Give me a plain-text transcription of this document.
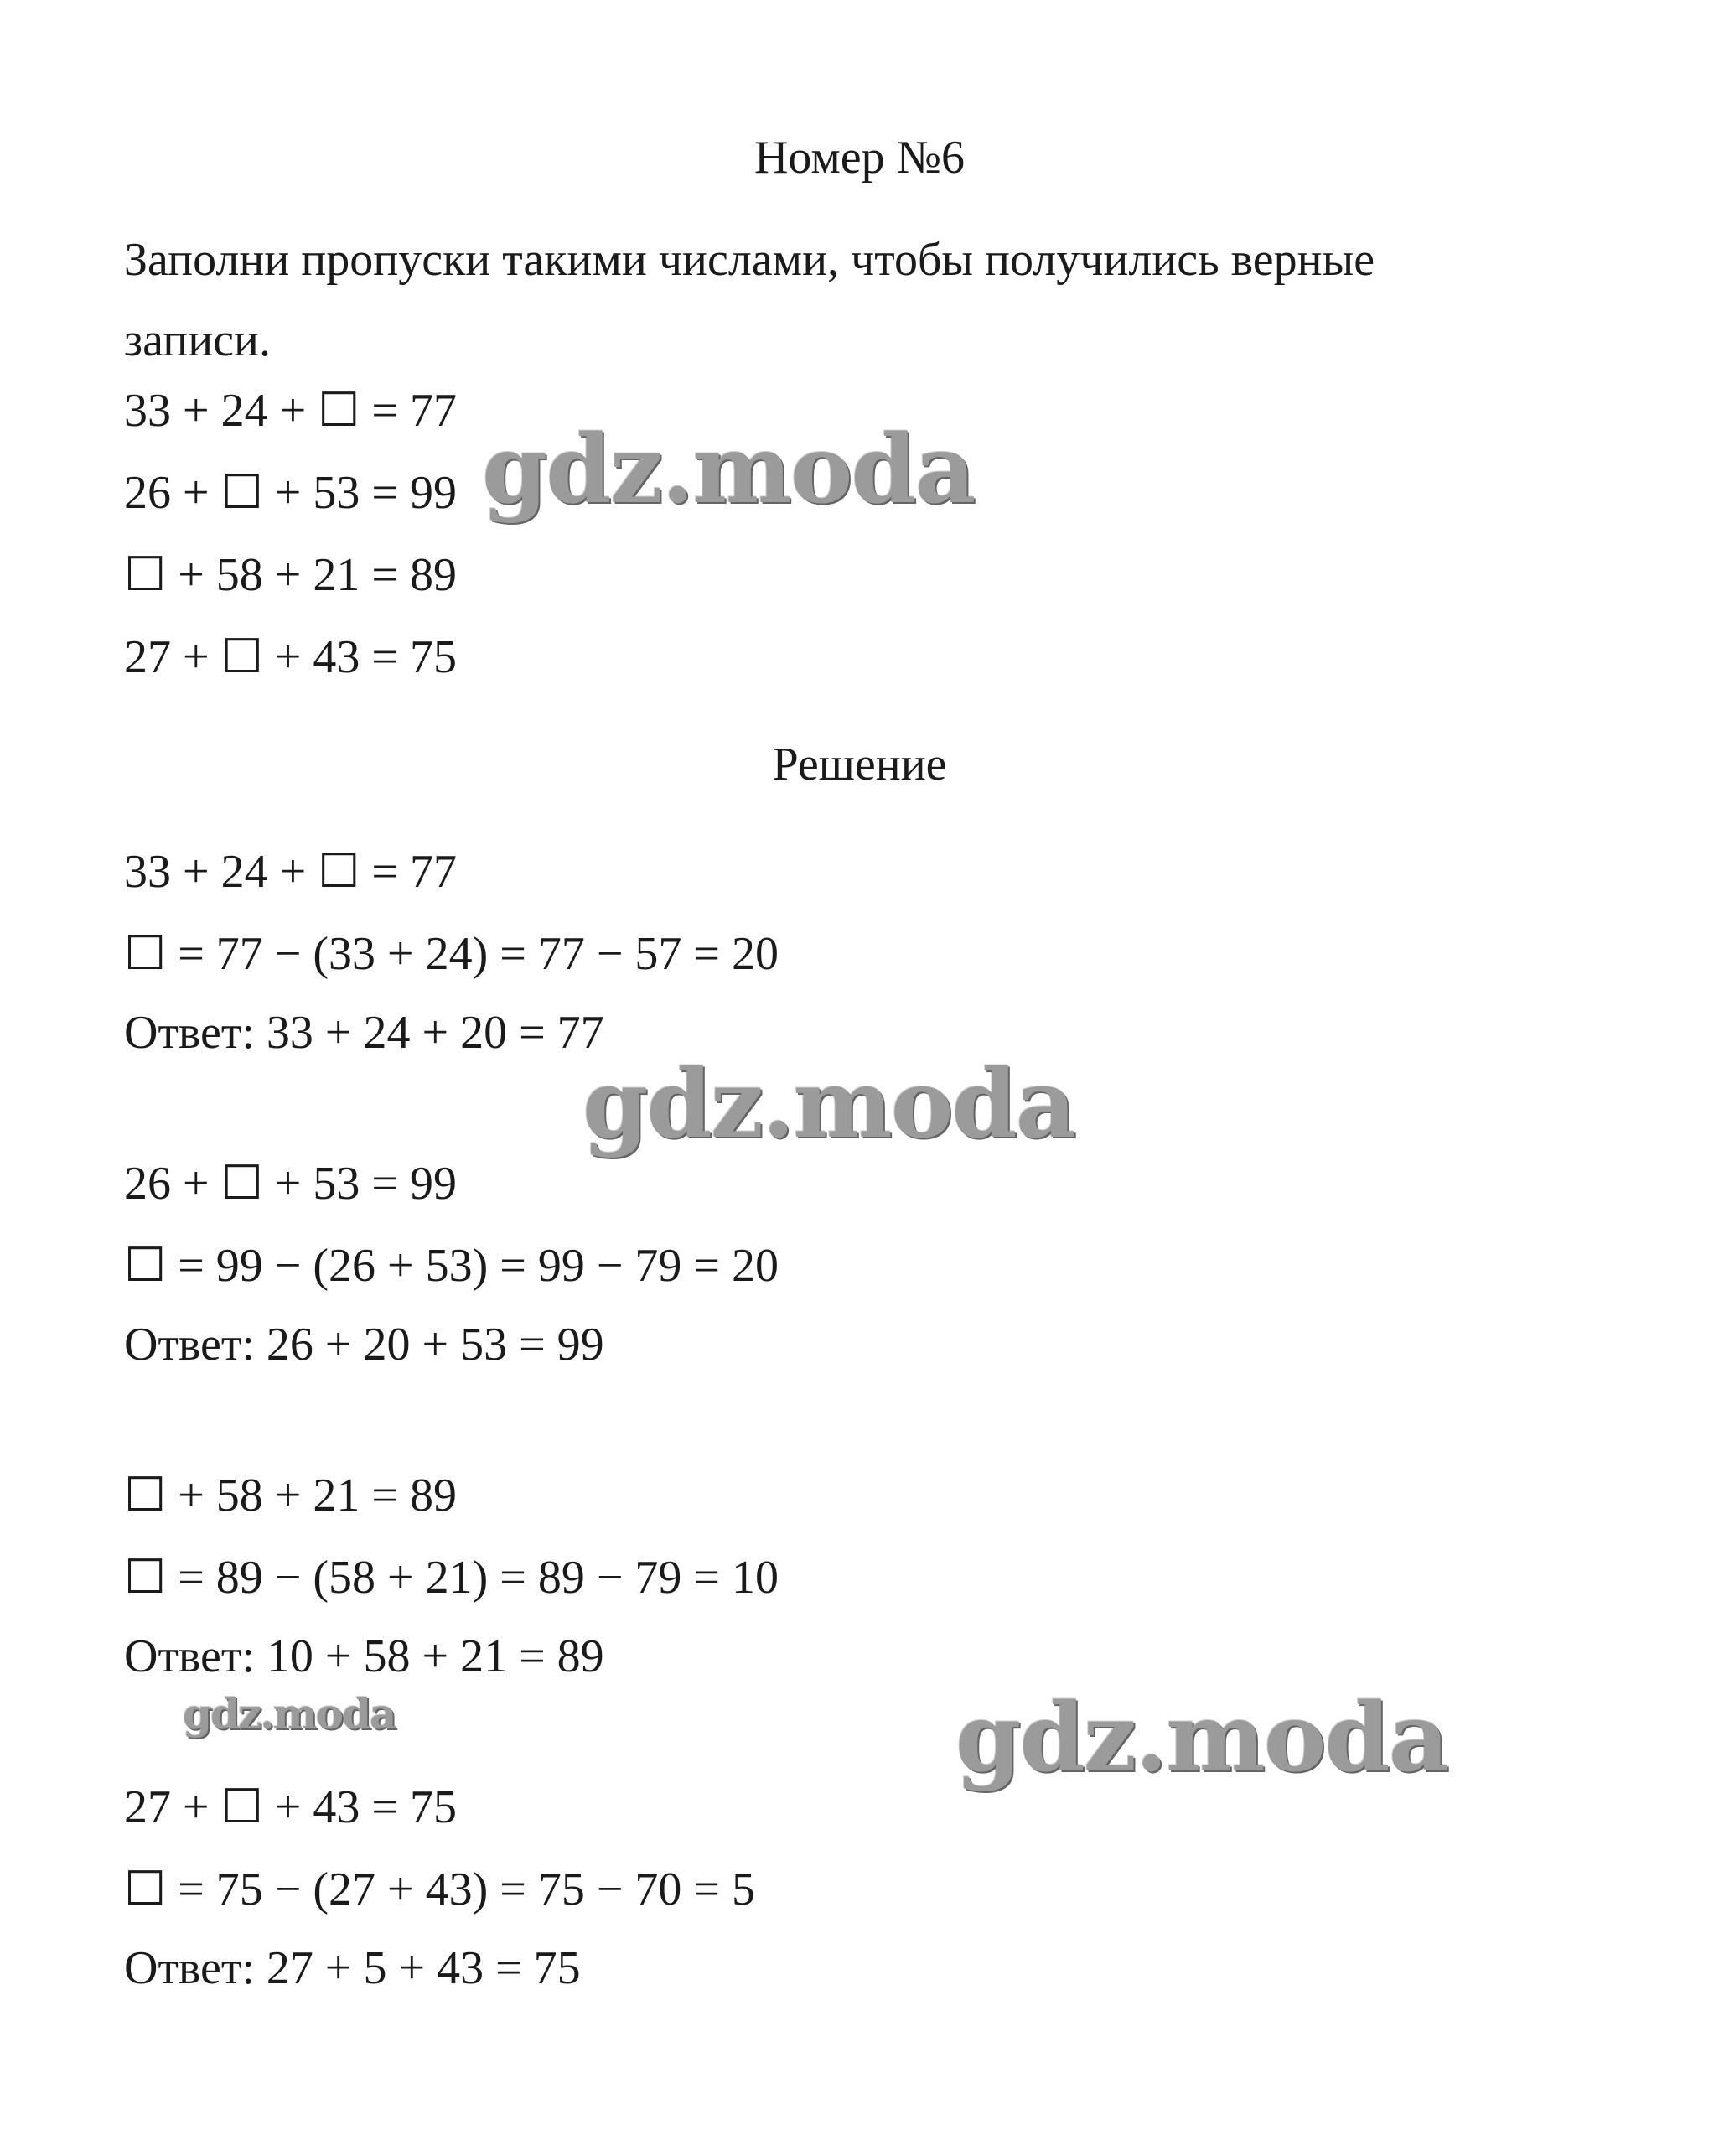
Номер №6
Заполни пропуски такими числами, чтобы получились верные
записи.
33 + 24 + ☐ = 77
26 + ☐ + 53 = 99
☐ + 58 + 21 = 89
27 + ☐ + 43 = 75
Решение
33 + 24 + ☐ = 77
☐ = 77 − (33 + 24) = 77 − 57 = 20
Ответ: 33 + 24 + 20 = 77
26 + ☐ + 53 = 99
☐ = 99 − (26 + 53) = 99 − 79 = 20
Ответ: 26 + 20 + 53 = 99
☐ + 58 + 21 = 89
☐ = 89 − (58 + 21) = 89 − 79 = 10
Ответ: 10 + 58 + 21 = 89
27 + ☐ + 43 = 75
☐ = 75 − (27 + 43) = 75 − 70 = 5
Ответ: 27 + 5 + 43 = 75
gdz.moda
gdz.moda
gdz.moda	gdz.moda
